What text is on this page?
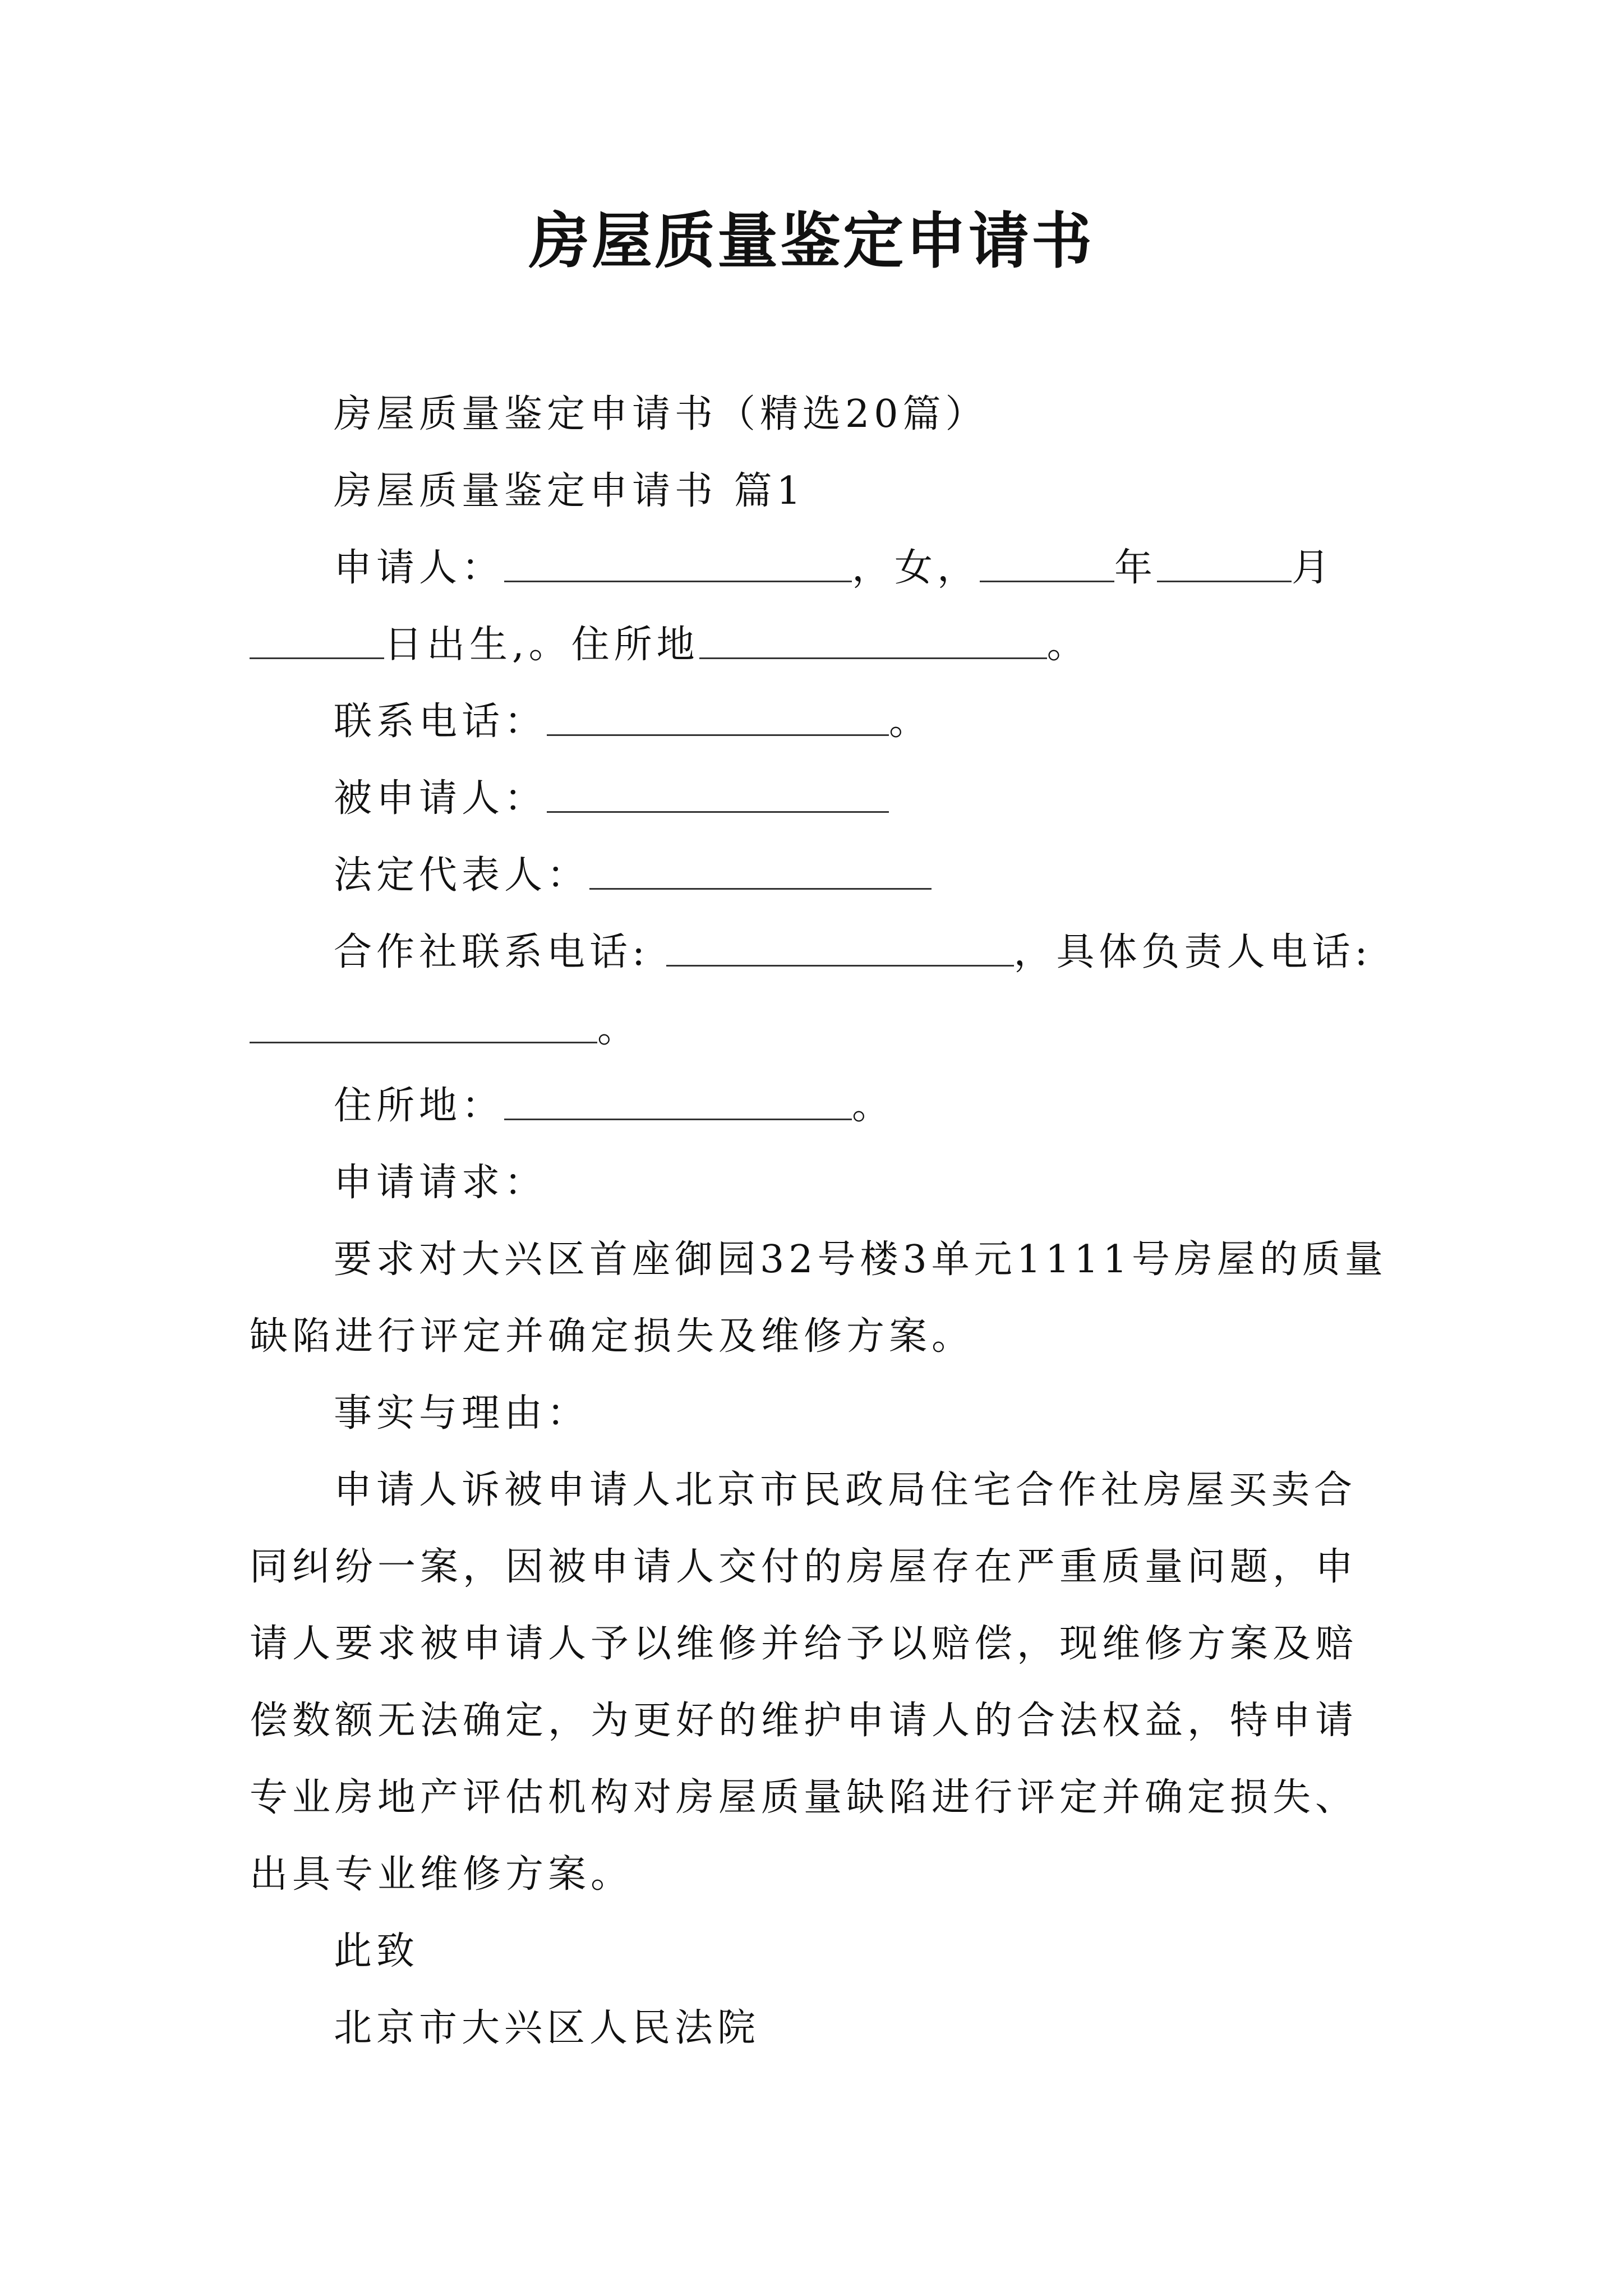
房屋质量鉴定申请书

房屋质量鉴定申请书（精选20篇）

房屋质量鉴定申请书 篇1

申请人：	，女，	年	月日出生,。住所地	。

联系电话：	。

被申请人：

法定代表人：

合作社联系电话:	，具体负责人电话:。

住所地：	。

申请请求：

要求对大兴区首座御园32号楼3单元1111号房屋的质量缺陷进行评定并确定损失及维修方案。

事实与理由：

申请人诉被申请人北京市民政局住宅合作社房屋买卖合同纠纷一案，因被申请人交付的房屋存在严重质量问题，申请人要求被申请人予以维修并给予以赔偿，现维修方案及赔偿数额无法确定，为更好的维护申请人的合法权益，特申请专业房地产评估机构对房屋质量缺陷进行评定并确定损失、出具专业维修方案。

此致

北京市大兴区人民法院
